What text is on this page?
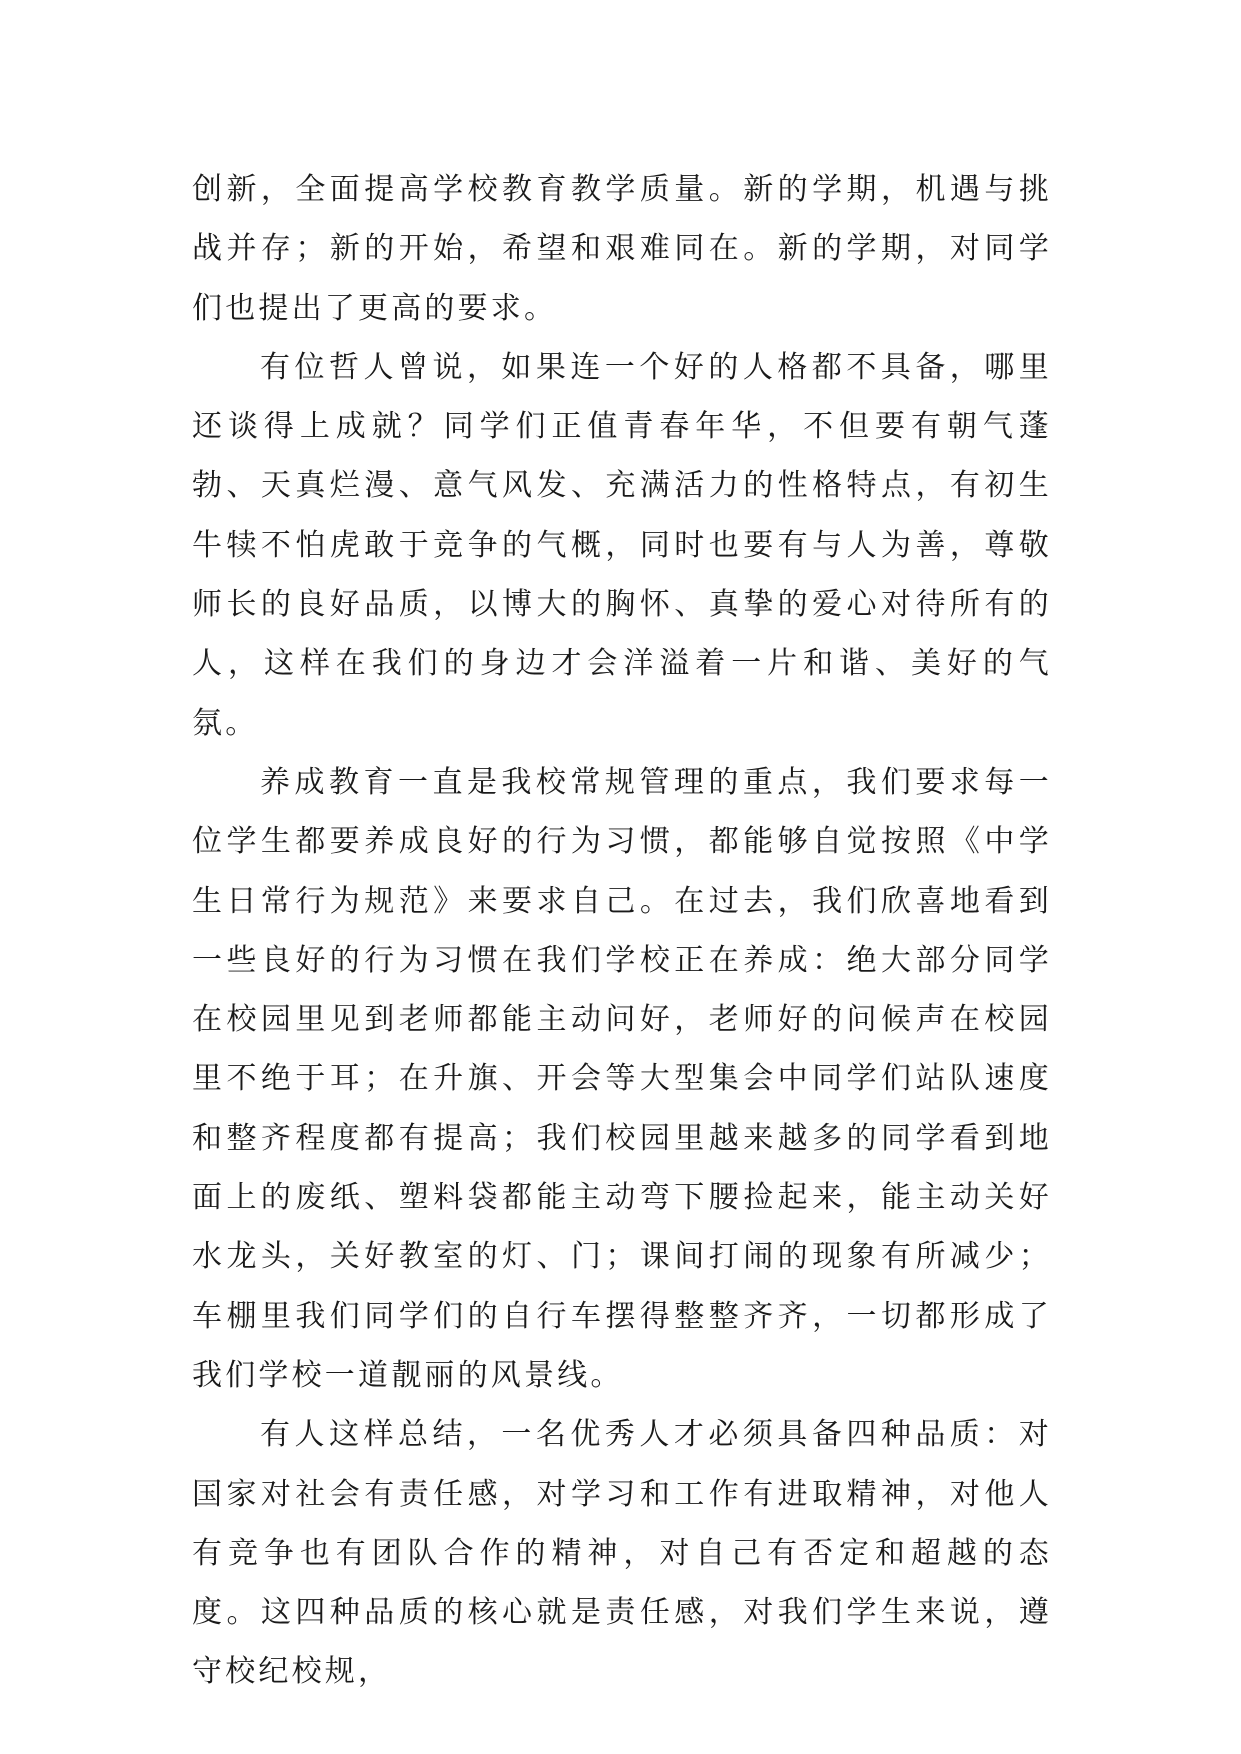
创新，全面提高学校教育教学质量。新的学期，机遇与挑战并存；新的开始，希望和艰难同在。新的学期，对同学们也提出了更高的要求。

有位哲人曾说，如果连一个好的人格都不具备，哪里还谈得上成就？同学们正值青春年华，不但要有朝气蓬勃、天真烂漫、意气风发、充满活力的性格特点，有初生牛犊不怕虎敢于竞争的气概，同时也要有与人为善，尊敬师长的良好品质，以博大的胸怀、真挚的爱心对待所有的人，这样在我们的身边才会洋溢着一片和谐、美好的气氛。

养成教育一直是我校常规管理的重点，我们要求每一位学生都要养成良好的行为习惯，都能够自觉按照《中学生日常行为规范》来要求自己。在过去，我们欣喜地看到一些良好的行为习惯在我们学校正在养成：绝大部分同学在校园里见到老师都能主动问好，老师好的问候声在校园里不绝于耳；在升旗、开会等大型集会中同学们站队速度和整齐程度都有提高；我们校园里越来越多的同学看到地面上的废纸、塑料袋都能主动弯下腰捡起来，能主动关好水龙头，关好教室的灯、门；课间打闹的现象有所减少；车棚里我们同学们的自行车摆得整整齐齐，一切都形成了我们学校一道靓丽的风景线。

有人这样总结，一名优秀人才必须具备四种品质：对国家对社会有责任感，对学习和工作有进取精神，对他人有竞争也有团队合作的精神，对自己有否定和超越的态度。这四种品质的核心就是责任感，对我们学生来说，遵守校纪校规，
